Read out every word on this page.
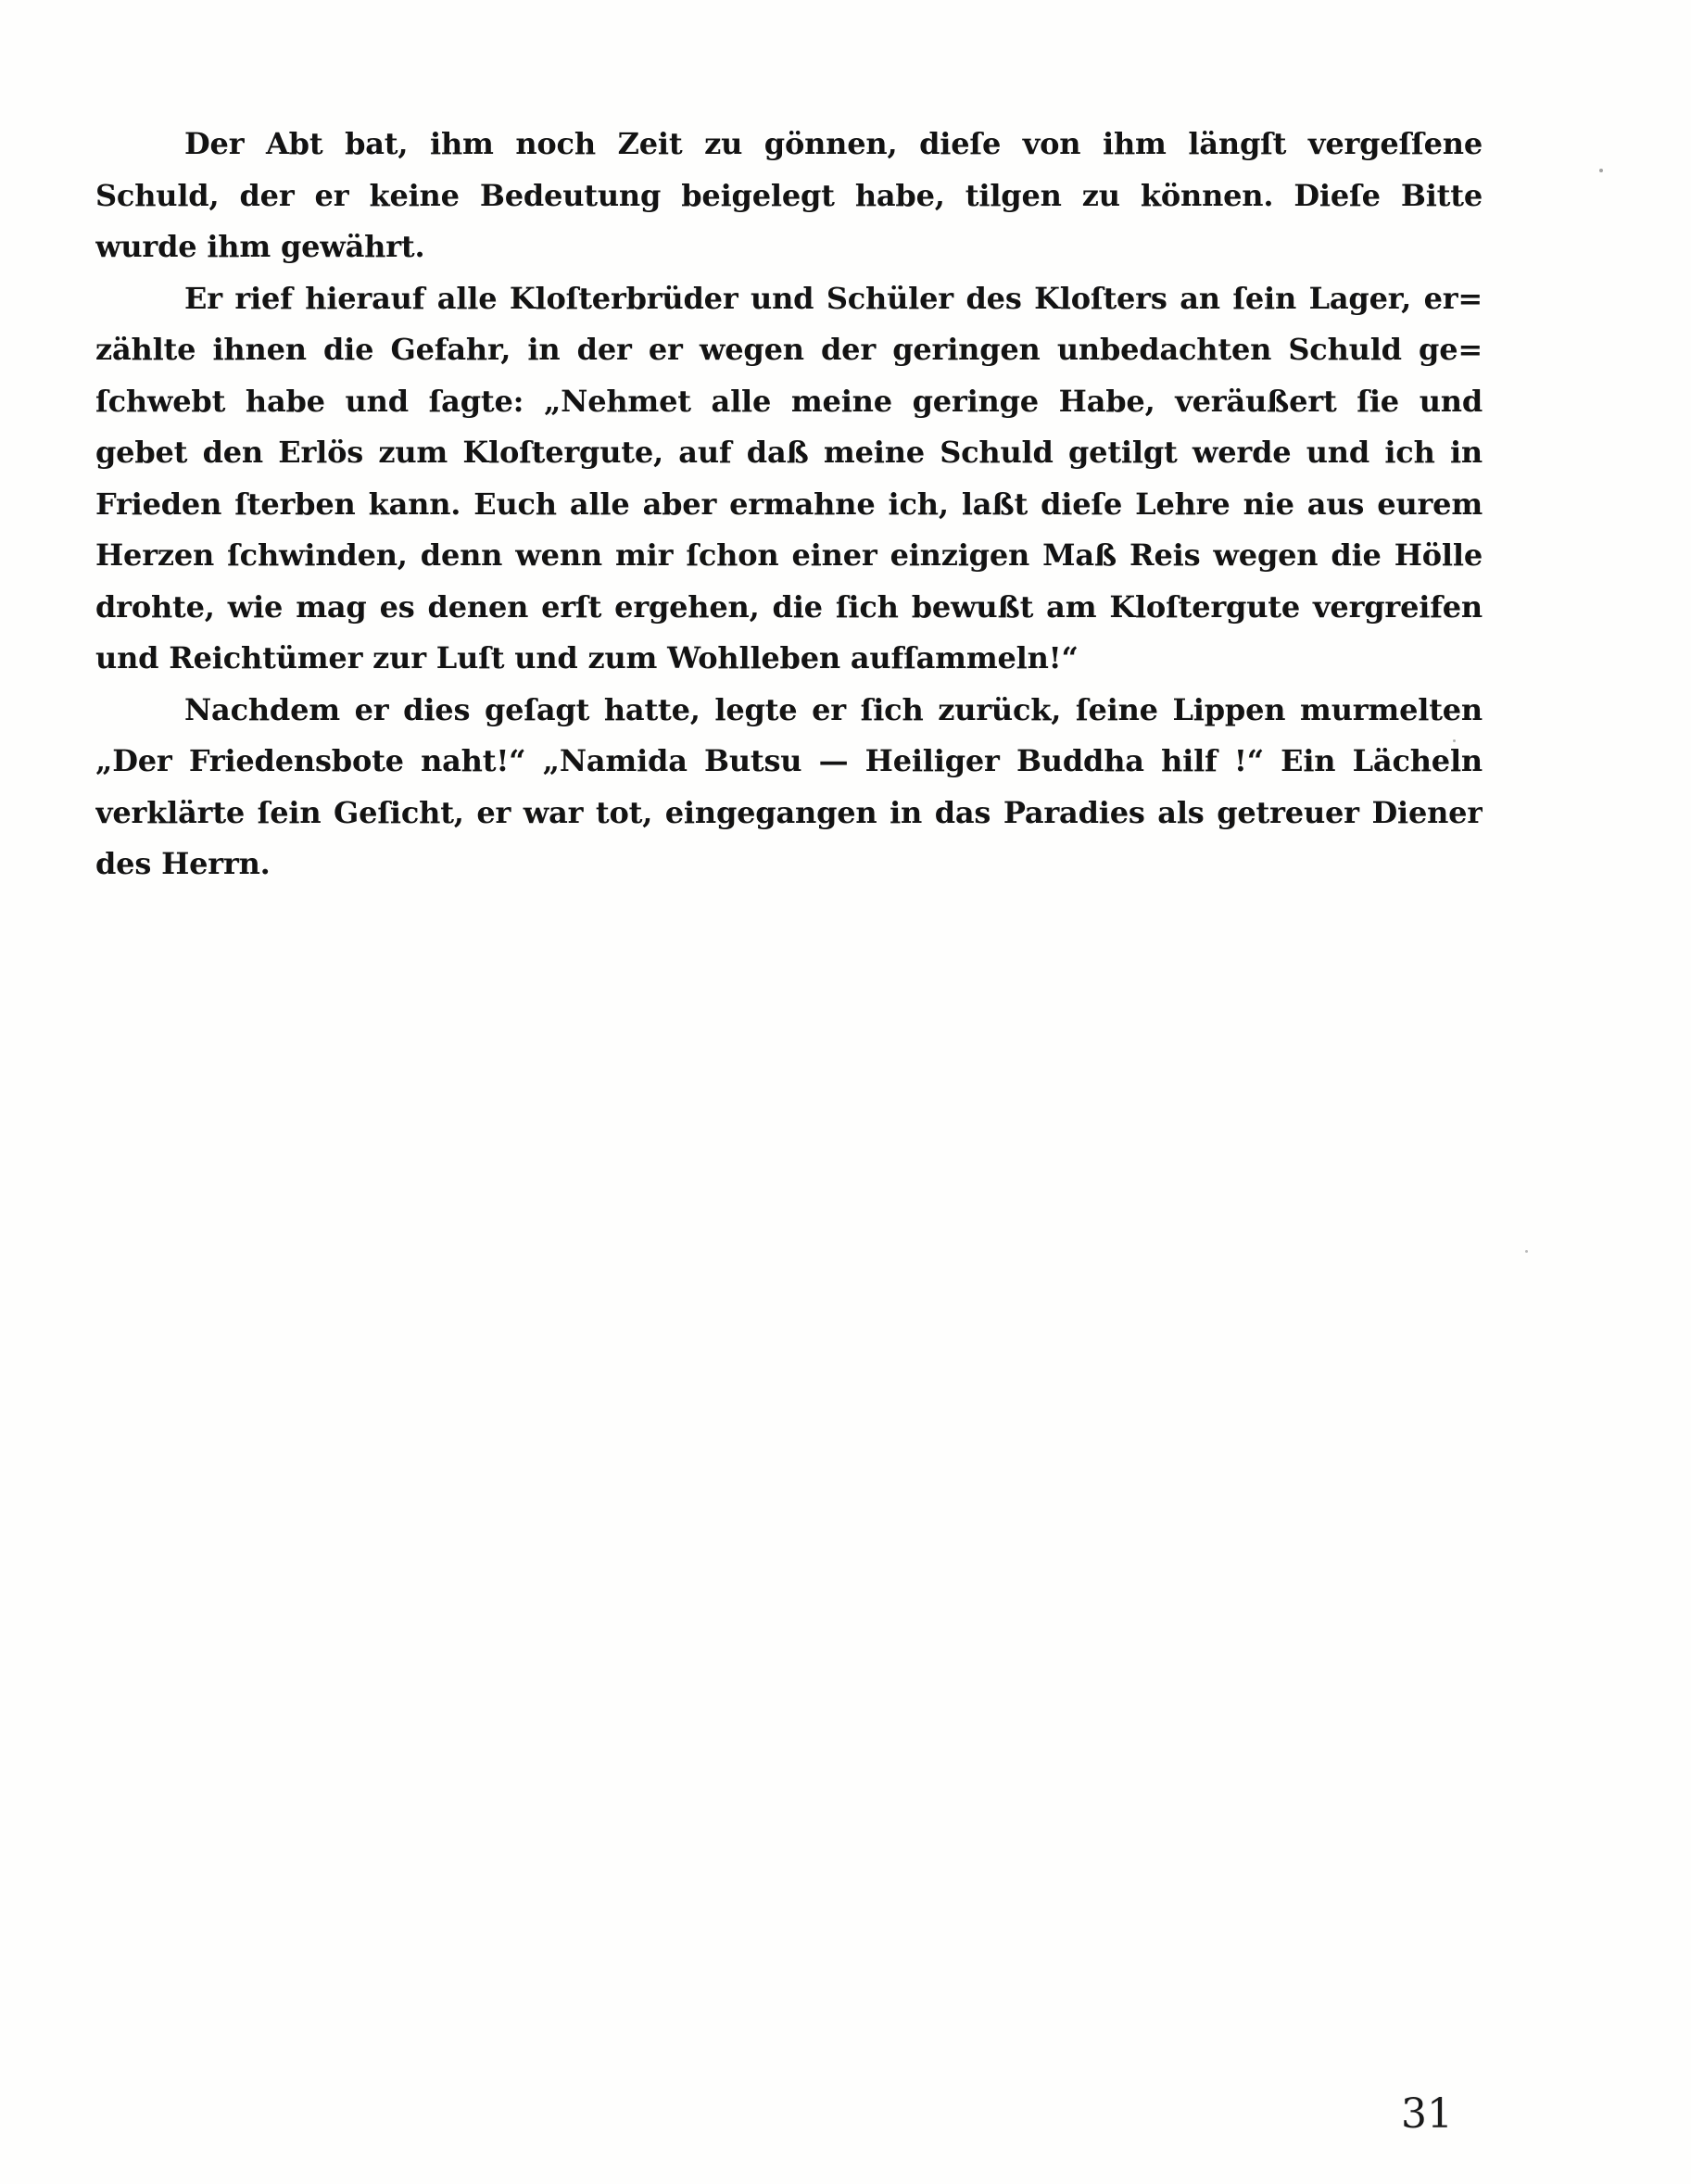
Der Abt bat, ihm noch Zeit zu gönnen, dieſe von ihm längſt vergeſſene
Schuld, der er keine Bedeutung beigelegt habe, tilgen zu können. Dieſe Bitte
wurde ihm gewährt.
Er rief hierauf alle Kloſterbrüder und Schüler des Kloſters an ſein Lager, er=
zählte ihnen die Gefahr, in der er wegen der geringen unbedachten Schuld ge=
ſchwebt habe und ſagte: „Nehmet alle meine geringe Habe, veräußert ſie und
gebet den Erlös zum Kloſtergute, auf daß meine Schuld getilgt werde und ich in
Frieden ſterben kann. Euch alle aber ermahne ich, laßt dieſe Lehre nie aus eurem
Herzen ſchwinden, denn wenn mir ſchon einer einzigen Maß Reis wegen die Hölle
drohte, wie mag es denen erſt ergehen, die ſich bewußt am Kloſtergute vergreifen
und Reichtümer zur Luſt und zum Wohlleben aufſammeln!“
Nachdem er dies geſagt hatte, legte er ſich zurück, ſeine Lippen murmelten
„Der Friedensbote naht!“ „Namida Butsu — Heiliger Buddha hilf !“ Ein Lächeln
verklärte ſein Geſicht, er war tot, eingegangen in das Paradies als getreuer Diener
des Herrn.
31
